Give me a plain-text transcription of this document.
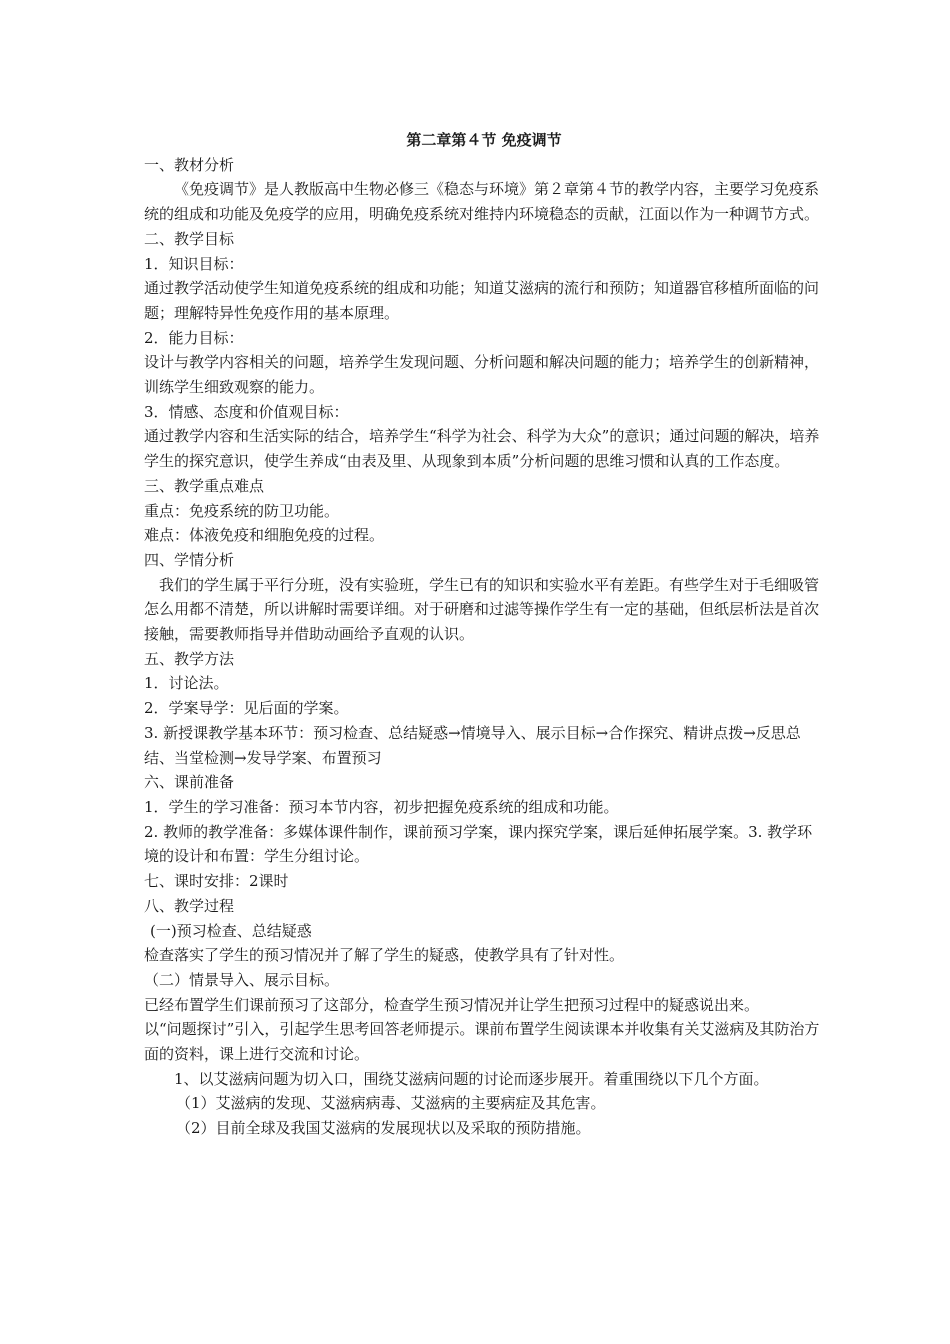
第二章第４节 免疫调节

一、教材分析

《免疫调节》是人教版高中生物必修三《稳态与环境》第２章第４节的教学内容，主要学习免疫系统的组成和功能及免疫学的应用，明确免疫系统对维持内环境稳态的贡献，江面以作为一种调节方式。

二、教学目标

1．知识目标：

通过教学活动使学生知道免疫系统的组成和功能；知道艾滋病的流行和预防；知道器官移植所面临的问题；理解特异性免疫作用的基本原理。

2．能力目标：

设计与教学内容相关的问题，培养学生发现问题、分析问题和解决问题的能力；培养学生的创新精神，训练学生细致观察的能力。

3．情感、态度和价值观目标：

通过教学内容和生活实际的结合，培养学生“科学为社会、科学为大众”的意识；通过问题的解决，培养学生的探究意识，使学生养成“由表及里、从现象到本质”分析问题的思维习惯和认真的工作态度。

三、教学重点难点

重点：免疫系统的防卫功能。

难点：体液免疫和细胞免疫的过程。

四、学情分析

我们的学生属于平行分班，没有实验班，学生已有的知识和实验水平有差距。有些学生对于毛细吸管怎么用都不清楚，所以讲解时需要详细。对于研磨和过滤等操作学生有一定的基础，但纸层析法是首次接触，需要教师指导并借助动画给予直观的认识。

五、教学方法

1．讨论法。

2．学案导学：见后面的学案。

3. 新授课教学基本环节：预习检查、总结疑惑→情境导入、展示目标→合作探究、精讲点拨→反思总结、当堂检测→发导学案、布置预习

六、课前准备

1．学生的学习准备：预习本节内容，初步把握免疫系统的组成和功能。

2. 教师的教学准备：多媒体课件制作，课前预习学案，课内探究学案，课后延伸拓展学案。3. 教学环境的设计和布置：学生分组讨论。

七、课时安排：2课时

八、教学过程

(一)预习检查、总结疑惑

检查落实了学生的预习情况并了解了学生的疑惑，使教学具有了针对性。

（二）情景导入、展示目标。

已经布置学生们课前预习了这部分，检查学生预习情况并让学生把预习过程中的疑惑说出来。

以“问题探讨”引入，引起学生思考回答老师提示。课前布置学生阅读课本并收集有关艾滋病及其防治方面的资料，课上进行交流和讨论。

1、以艾滋病问题为切入口，围绕艾滋病问题的讨论而逐步展开。着重围绕以下几个方面。

（1）艾滋病的发现、艾滋病病毒、艾滋病的主要病症及其危害。

（2）目前全球及我国艾滋病的发展现状以及采取的预防措施。
